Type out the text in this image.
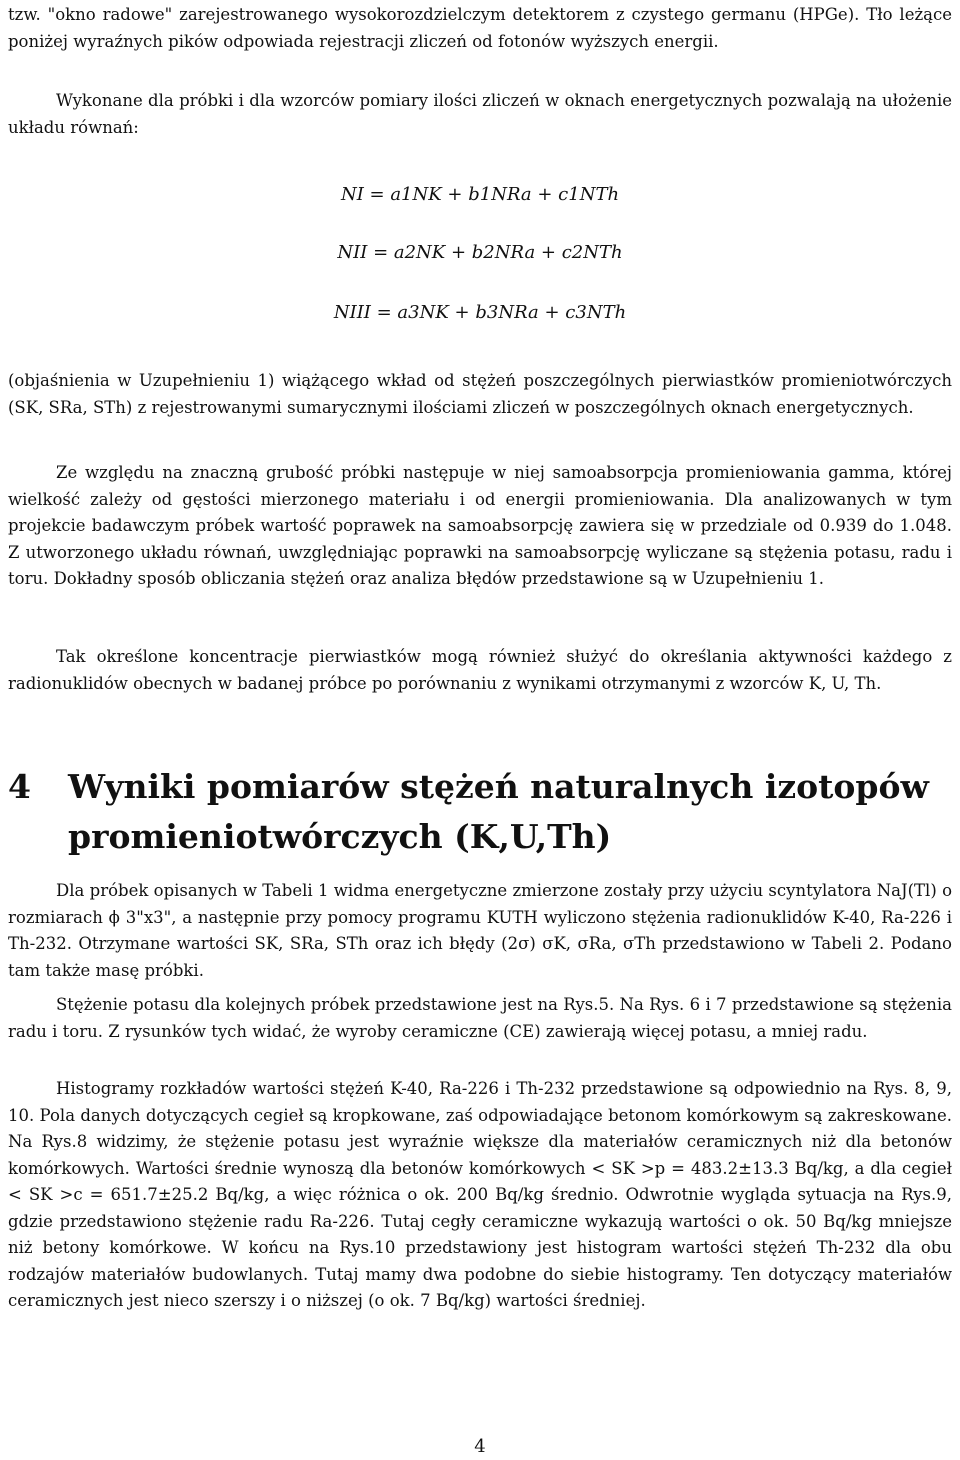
tzw. "okno radowe" zarejestrowanego wysokorozdzielczym detektorem z czystego germanu (HPGe). Tło leżące poniżej wyraźnych pików odpowiada rejestracji zliczeń od fotonów wyższych energii.

Wykonane dla próbki i dla wzorców pomiary ilości zliczeń w oknach energetycznych pozwalają na ułożenie układu równań:

NI = a1NK + b1NRa + c1NTh
NII = a2NK + b2NRa + c2NTh
NIII = a3NK + b3NRa + c3NTh

(objaśnienia w Uzupełnieniu 1) wiążącego wkład od stężeń poszczególnych pierwiastków promieniotwórczych (SK, SRa, STh) z rejestrowanymi sumarycznymi ilościami zliczeń w poszczególnych oknach energetycznych.

Ze względu na znaczną grubość próbki następuje w niej samoabsorpcja promieniowania gamma, której wielkość zależy od gęstości mierzonego materiału i od energii promieniowania. Dla analizowanych w tym projekcie badawczym próbek wartość poprawek na samoabsorpcję zawiera się w przedziale od 0.939 do 1.048. Z utworzonego układu równań, uwzględniając poprawki na samoabsorpcję wyliczane są stężenia potasu, radu i toru. Dokładny sposób obliczania stężeń oraz analiza błędów przedstawione są w Uzupełnieniu 1.

Tak określone koncentracje pierwiastków mogą również służyć do określania aktywności każdego z radionuklidów obecnych w badanej próbce po porównaniu z wynikami otrzymanymi z wzorców K, U, Th.

4 Wyniki pomiarów stężeń naturalnych izotopów
promieniotwórczych (K,U,Th)

Dla próbek opisanych w Tabeli 1 widma energetyczne zmierzone zostały przy użyciu scyntylatora NaJ(Tl) o rozmiarach ϕ 3"x3", a następnie przy pomocy programu KUTH wyliczono stężenia radionuklidów K-40, Ra-226 i Th-232. Otrzymane wartości SK, SRa, STh oraz ich błędy (2σ) σK, σRa, σTh przedstawiono w Tabeli 2. Podano tam także masę próbki.

Stężenie potasu dla kolejnych próbek przedstawione jest na Rys.5. Na Rys. 6 i 7 przedstawione są stężenia radu i toru. Z rysunków tych widać, że wyroby ceramiczne (CE) zawierają więcej potasu, a mniej radu.

Histogramy rozkładów wartości stężeń K-40, Ra-226 i Th-232 przedstawione są odpowiednio na Rys. 8, 9, 10. Pola danych dotyczących cegieł są kropkowane, zaś odpowiadające betonom komórkowym są zakreskowane. Na Rys.8 widzimy, że stężenie potasu jest wyraźnie większe dla materiałów ceramicznych niż dla betonów komórkowych. Wartości średnie wynoszą dla betonów komórkowych < SK >p = 483.2±13.3 Bq/kg, a dla cegieł < SK >c = 651.7±25.2 Bq/kg, a więc różnica o ok. 200 Bq/kg średnio. Odwrotnie wygląda sytuacja na Rys.9, gdzie przedstawiono stężenie radu Ra-226. Tutaj cegły ceramiczne wykazują wartości o ok. 50 Bq/kg mniejsze niż betony komórkowe. W końcu na Rys.10 przedstawiony jest histogram wartości stężeń Th-232 dla obu rodzajów materiałów budowlanych. Tutaj mamy dwa podobne do siebie histogramy. Ten dotyczący materiałów ceramicznych jest nieco szerszy i o niższej (o ok. 7 Bq/kg) wartości średniej.

4
